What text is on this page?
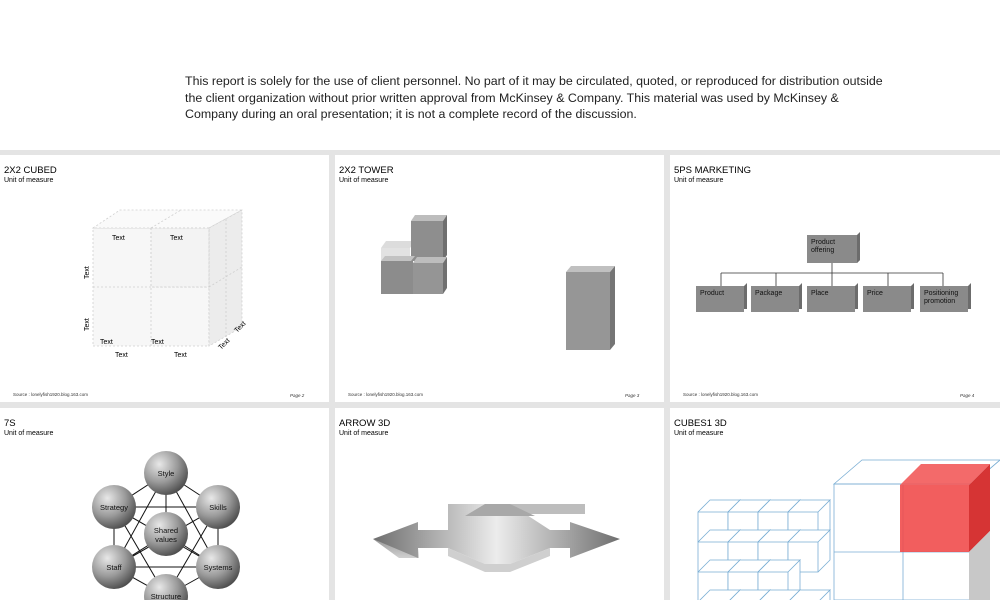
This report is solely for the use of client personnel. No part of it may be circulated, quoted, or reproduced for distribution outside the client organization without prior written approval from McKinsey & Company. This material was used by McKinsey & Company during an oral presentation; it is not a complete record of the discussion.

Text	Text
Text	Text
Text	Text
Text
Text
Text
Text
2X2 CUBED
Unit of measure
Source : lonelyfish1920.blog.163.com	Page 2
2X2 TOWER
Unit of measure
Source : lonelyfish1920.blog.163.com	Page 3
Product
offering
Product	Package	Place	Price	Positioning
promotion
5PS MARKETING
Unit of measure
Source : lonelyfish1920.blog.163.com	Page 4
Style
Strategy	Skills
Shared
values
Staff	Systems
Structure
7S
Unit of measure
ARROW 3D
Unit of measure
CUBES1 3D
Unit of measure
